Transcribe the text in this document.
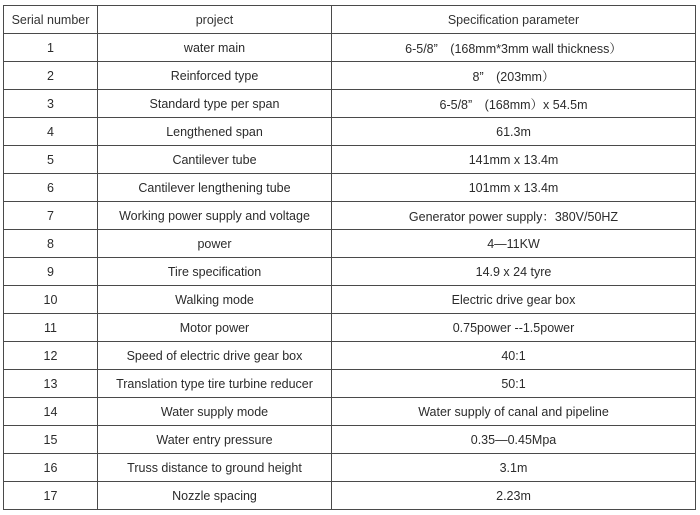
Serial number	project	Specification parameter
1	water main	6-5/8”　(168mm*3mm wall thickness）
2	Reinforced type	8”　(203mm）
3	Standard type per span	6-5/8”　(168mm）x 54.5m
4	Lengthened span	61.3m
5	Cantilever tube	141mm x 13.4m
6	Cantilever lengthening tube	101mm x 13.4m
7	Working power supply and voltage	Generator power supply：380V/50HZ
8	power	4—11KW
9	Tire specification	14.9 x 24 tyre
10	Walking mode	Electric drive gear box
11	Motor power	0.75power --1.5power
12	Speed of electric drive gear box	40:1
13	Translation type tire turbine reducer	50:1
14	Water supply mode	Water supply of canal and pipeline
15	Water entry pressure	0.35—0.45Mpa
16	Truss distance to ground height	3.1m
17	Nozzle spacing	2.23m
